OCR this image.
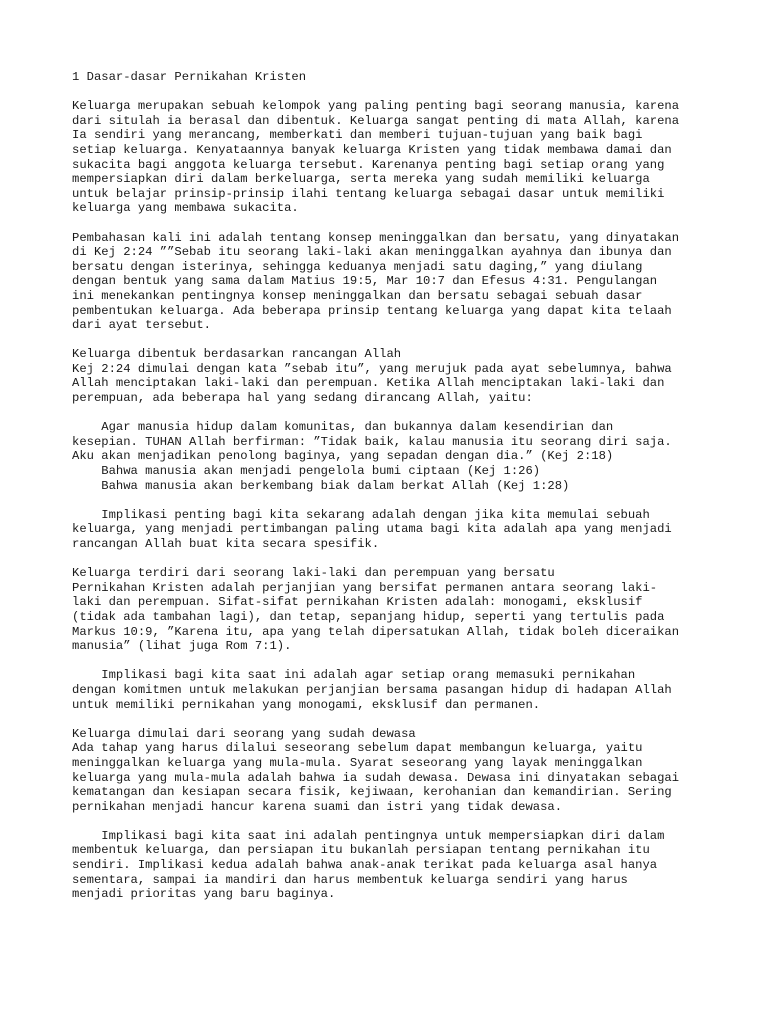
1 Dasar-dasar Pernikahan Kristen
Keluarga merupakan sebuah kelompok yang paling penting bagi seorang manusia, karena
dari situlah ia berasal dan dibentuk. Keluarga sangat penting di mata Allah, karena
Ia sendiri yang merancang, memberkati dan memberi tujuan-tujuan yang baik bagi
setiap keluarga. Kenyataannya banyak keluarga Kristen yang tidak membawa damai dan
sukacita bagi anggota keluarga tersebut. Karenanya penting bagi setiap orang yang
mempersiapkan diri dalam berkeluarga, serta mereka yang sudah memiliki keluarga
untuk belajar prinsip-prinsip ilahi tentang keluarga sebagai dasar untuk memiliki
keluarga yang membawa sukacita.
Pembahasan kali ini adalah tentang konsep meninggalkan dan bersatu, yang dinyatakan
di Kej 2:24 ””Sebab itu seorang laki-laki akan meninggalkan ayahnya dan ibunya dan
bersatu dengan isterinya, sehingga keduanya menjadi satu daging,” yang diulang
dengan bentuk yang sama dalam Matius 19:5, Mar 10:7 dan Efesus 4:31. Pengulangan
ini menekankan pentingnya konsep meninggalkan dan bersatu sebagai sebuah dasar
pembentukan keluarga. Ada beberapa prinsip tentang keluarga yang dapat kita telaah
dari ayat tersebut.
Keluarga dibentuk berdasarkan rancangan Allah
Kej 2:24 dimulai dengan kata ”sebab itu”, yang merujuk pada ayat sebelumnya, bahwa
Allah menciptakan laki-laki dan perempuan. Ketika Allah menciptakan laki-laki dan
perempuan, ada beberapa hal yang sedang dirancang Allah, yaitu:
Agar manusia hidup dalam komunitas, dan bukannya dalam kesendirian dan
kesepian. TUHAN Allah berfirman: ”Tidak baik, kalau manusia itu seorang diri saja.
Aku akan menjadikan penolong baginya, yang sepadan dengan dia.” (Kej 2:18)
Bahwa manusia akan menjadi pengelola bumi ciptaan (Kej 1:26)
Bahwa manusia akan berkembang biak dalam berkat Allah (Kej 1:28)
Implikasi penting bagi kita sekarang adalah dengan jika kita memulai sebuah
keluarga, yang menjadi pertimbangan paling utama bagi kita adalah apa yang menjadi
rancangan Allah buat kita secara spesifik.
Keluarga terdiri dari seorang laki-laki dan perempuan yang bersatu
Pernikahan Kristen adalah perjanjian yang bersifat permanen antara seorang laki-
laki dan perempuan. Sifat-sifat pernikahan Kristen adalah: monogami, eksklusif
(tidak ada tambahan lagi), dan tetap, sepanjang hidup, seperti yang tertulis pada
Markus 10:9, ”Karena itu, apa yang telah dipersatukan Allah, tidak boleh diceraikan
manusia” (lihat juga Rom 7:1).
Implikasi bagi kita saat ini adalah agar setiap orang memasuki pernikahan
dengan komitmen untuk melakukan perjanjian bersama pasangan hidup di hadapan Allah
untuk memiliki pernikahan yang monogami, eksklusif dan permanen.
Keluarga dimulai dari seorang yang sudah dewasa
Ada tahap yang harus dilalui seseorang sebelum dapat membangun keluarga, yaitu
meninggalkan keluarga yang mula-mula. Syarat seseorang yang layak meninggalkan
keluarga yang mula-mula adalah bahwa ia sudah dewasa. Dewasa ini dinyatakan sebagai
kematangan dan kesiapan secara fisik, kejiwaan, kerohanian dan kemandirian. Sering
pernikahan menjadi hancur karena suami dan istri yang tidak dewasa.
Implikasi bagi kita saat ini adalah pentingnya untuk mempersiapkan diri dalam
membentuk keluarga, dan persiapan itu bukanlah persiapan tentang pernikahan itu
sendiri. Implikasi kedua adalah bahwa anak-anak terikat pada keluarga asal hanya
sementara, sampai ia mandiri dan harus membentuk keluarga sendiri yang harus
menjadi prioritas yang baru baginya.
